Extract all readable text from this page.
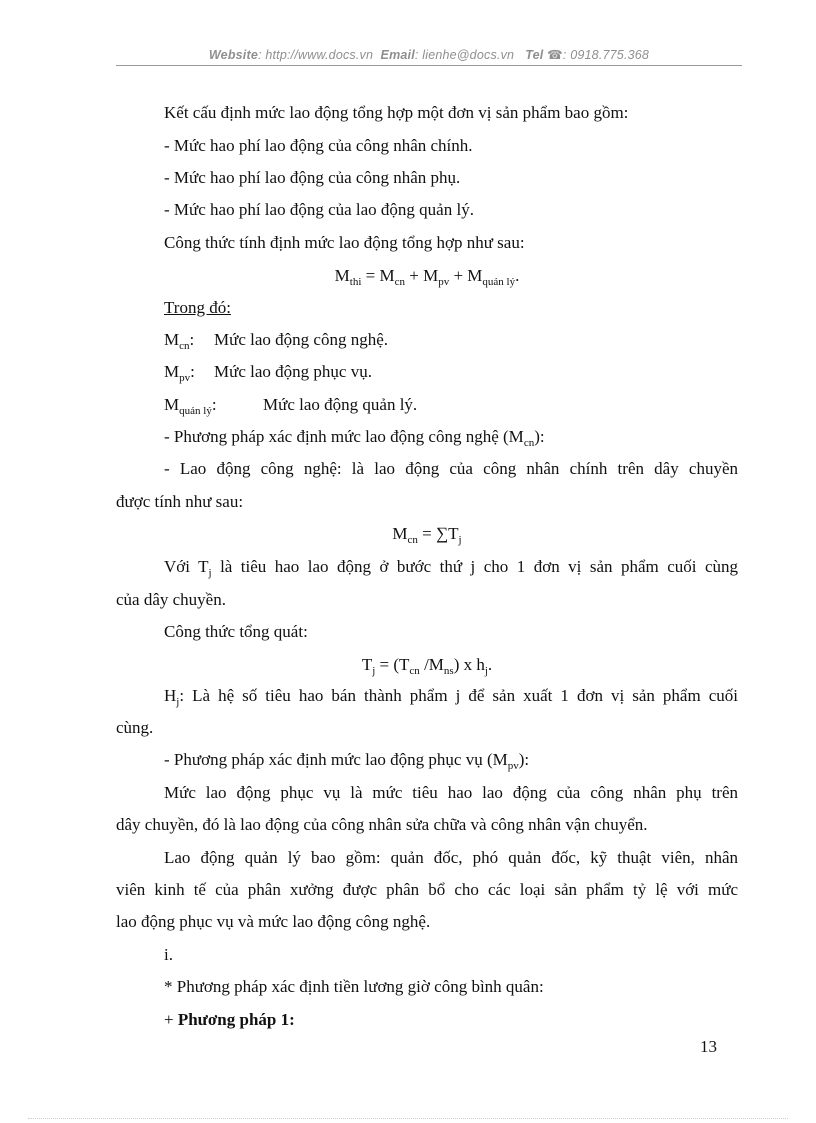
Website: http://www.docs.vn Email: lienhe@docs.vn Tel ☎: 0918.775.368
Kết cấu định mức lao động tổng hợp một đơn vị sản phẩm bao gồm:
- Mức hao phí lao động của công nhân chính.
- Mức hao phí lao động của công nhân phụ.
- Mức hao phí lao động của lao động quản lý.
Công thức tính định mức lao động tổng hợp như sau:
$M_{thi} = M_{cn} + M_{pv} + M_{quản lý}$.
Trong đó:
$M_{cn}$: Mức lao động công nghệ.
$M_{pv}$: Mức lao động phục vụ.
$M_{quản lý}$:	Mức lao động quản lý.
- Phương pháp xác định mức lao động công nghệ $(M_{cn})$:
- Lao động công nghệ: là lao động của công nhân chính trên dây chuyền
được tính như sau:
$M_{cn} = \sum T_j$
Với $T_j$ là tiêu hao lao động ở bước thứ j cho 1 đơn vị sản phẩm cuối cùng
của dây chuyền.
Công thức tổng quát:
$T_j = (T_{cn}$ $/M_{ns}$) x $h_j$.
$H_j$: Là hệ số tiêu hao bán thành phẩm j để sản xuất 1 đơn vị sản phẩm cuối
cùng.
- Phương pháp xác định mức lao động phục vụ $(M_{pv})$:
Mức lao động phục vụ là mức tiêu hao lao động của công nhân phụ trên
dây chuyền, đó là lao động của công nhân sửa chữa và công nhân vận chuyển.
Lao động quản lý bao gồm: quản đốc, phó quản đốc, kỹ thuật viên, nhân
viên kinh tế của phân xưởng được phân bổ cho các loại sản phẩm tỷ lệ với mức
lao động phục vụ và mức lao động công nghệ.
i.
* Phương pháp xác định tiền lương giờ công bình quân:
+ Phương pháp 1:
13
